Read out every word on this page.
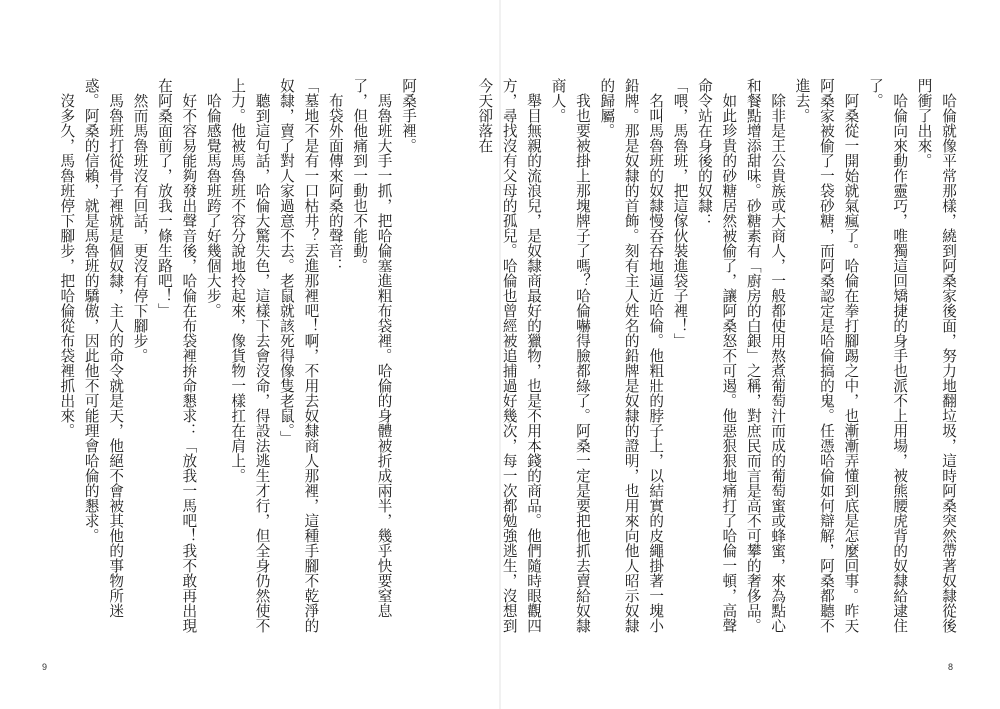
阿桑手裡。

　馬魯班大手一抓，把哈倫塞進粗布袋裡。哈倫的身體被折成兩半，幾乎快要窒息了，但他痛到一動也不能動。

　布袋外面傳來阿桑的聲音：

「墓地不是有一口枯井？丟進那裡吧！啊，不用去奴隸商人那裡，這種手腳不乾淨的奴隸，賣了對人家過意不去。老鼠就該死得像隻老鼠。」

　聽到這句話，哈倫大驚失色，這樣下去會沒命，得設法逃生才行，但全身仍然使不上力。他被馬魯班不容分說地拎起來，像貨物一樣扛在肩上。

　哈倫感覺馬魯班跨了好幾個大步。

　好不容易能夠發出聲音後，哈倫在布袋裡拚命懇求：「放我一馬吧！我不敢再出現在阿桑面前了，放我一條生路吧！」

　然而馬魯班沒有回話，更沒有停下腳步。

　馬魯班打從骨子裡就是個奴隸，主人的命令就是天，他絕不會被其他的事物所迷惑。阿桑的信賴，就是馬魯班的驕傲，因此他不可能理會哈倫的懇求。

　沒多久，馬魯班停下腳步，把哈倫從布袋裡抓出來。

9

　哈倫就像平常那樣，繞到阿桑家後面，努力地翻垃圾，這時阿桑突然帶著奴隸從後門衝了出來。

　哈倫向來動作靈巧，唯獨這回矯捷的身手也派不上用場，被熊腰虎背的奴隸給逮住了。

　阿桑從一開始就氣瘋了。哈倫在拳打腳踢之中，也漸漸弄懂到底是怎麼回事。昨天阿桑家被偷了一袋砂糖，而阿桑認定是哈倫搞的鬼。任憑哈倫如何辯解，阿桑都聽不進去。

　除非是王公貴族或大商人，一般都使用熬煮葡萄汁而成的葡萄蜜或蜂蜜，來為點心和餐點增添甜味。砂糖素有「廚房的白銀」之稱，對庶民而言是高不可攀的奢侈品。

　如此珍貴的砂糖居然被偷了，讓阿桑怒不可遏。他惡狠狠地痛打了哈倫一頓，高聲命令站在身後的奴隸：

「喂，馬魯班，把這傢伙裝進袋子裡！」

　名叫馬魯班的奴隸慢吞吞地逼近哈倫。他粗壯的脖子上，以結實的皮繩掛著一塊小鉛牌。那是奴隸的首飾。刻有主人姓名的鉛牌是奴隸的證明，也用來向他人昭示奴隸的歸屬。

　我也要被掛上那塊牌子了嗎？哈倫嚇得臉都綠了。阿桑一定是要把他抓去賣給奴隸商人。

　舉目無親的流浪兒，是奴隸商最好的獵物，也是不用本錢的商品。他們隨時眼觀四方，尋找沒有父母的孤兒。哈倫也曾經被追捕過好幾次，每一次都勉強逃生，沒想到今天卻落在

8
